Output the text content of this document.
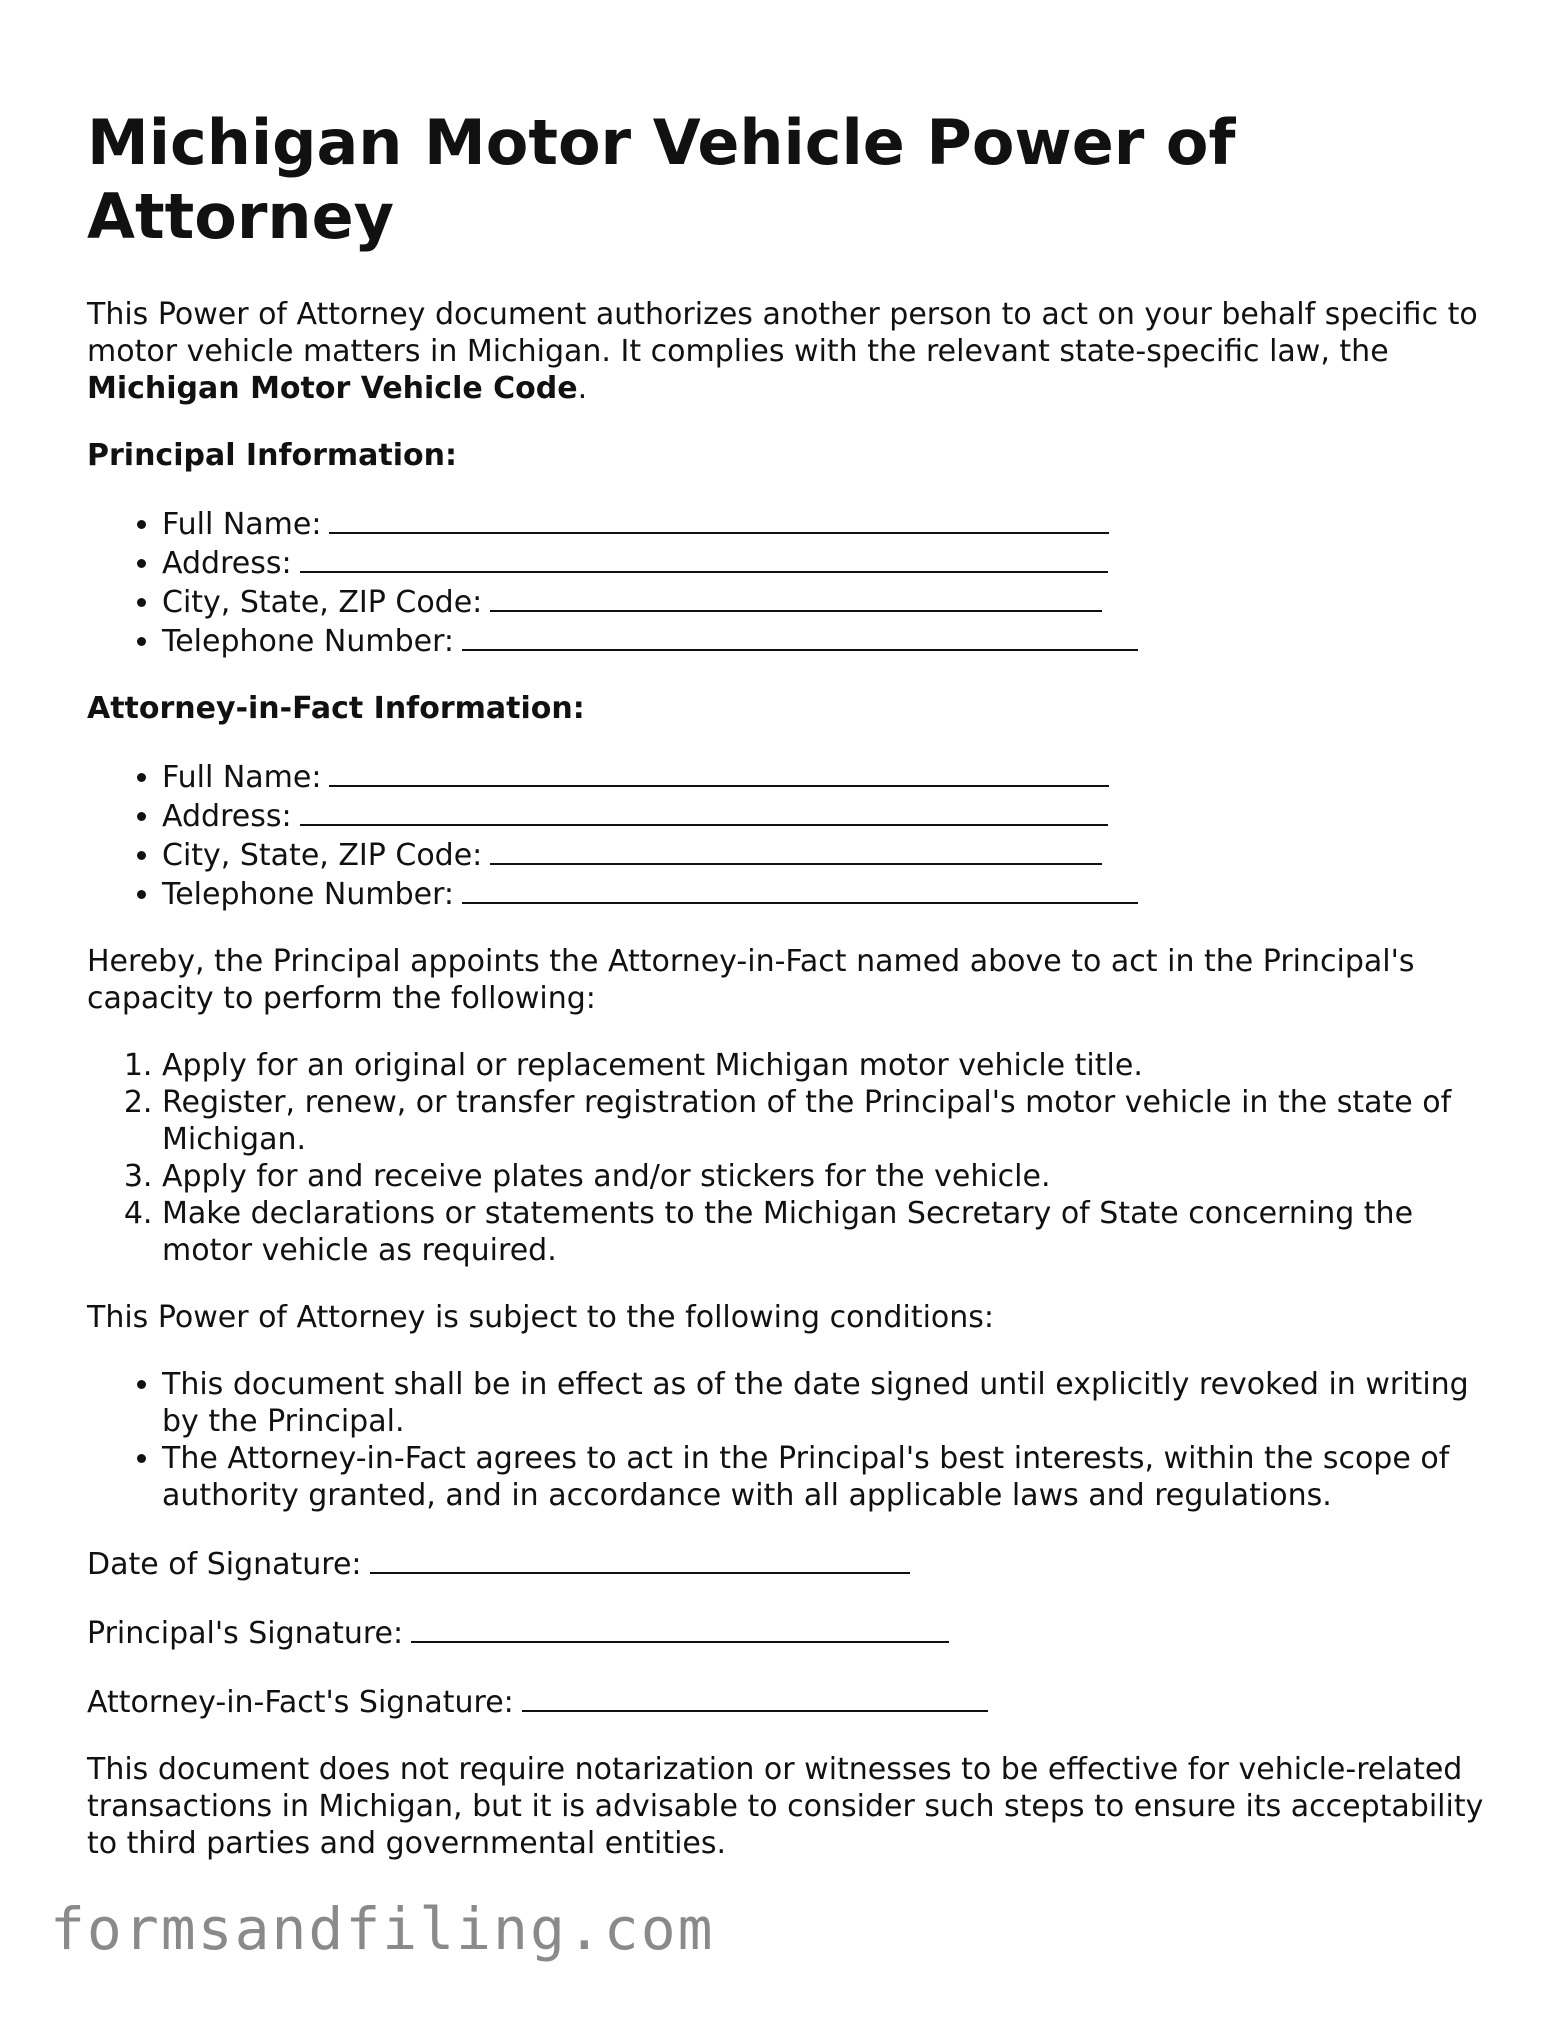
Michigan Motor Vehicle Power of Attorney

This Power of Attorney document authorizes another person to act on your behalf specific to motor vehicle matters in Michigan. It complies with the relevant state-specific law, the Michigan Motor Vehicle Code.

Principal Information:

• Full Name:
• Address:
• City, State, ZIP Code:
• Telephone Number:

Attorney-in-Fact Information:

• Full Name:
• Address:
• City, State, ZIP Code:
• Telephone Number:

Hereby, the Principal appoints the Attorney-in-Fact named above to act in the Principal's capacity to perform the following:

1. Apply for an original or replacement Michigan motor vehicle title.
2. Register, renew, or transfer registration of the Principal's motor vehicle in the state of Michigan.
3. Apply for and receive plates and/or stickers for the vehicle.
4. Make declarations or statements to the Michigan Secretary of State concerning the motor vehicle as required.

This Power of Attorney is subject to the following conditions:

• This document shall be in effect as of the date signed until explicitly revoked in writing by the Principal.
• The Attorney-in-Fact agrees to act in the Principal's best interests, within the scope of authority granted, and in accordance with all applicable laws and regulations.

Date of Signature:

Principal's Signature:

Attorney-in-Fact's Signature:

This document does not require notarization or witnesses to be effective for vehicle-related transactions in Michigan, but it is advisable to consider such steps to ensure its acceptability to third parties and governmental entities.

formsandfiling.com
